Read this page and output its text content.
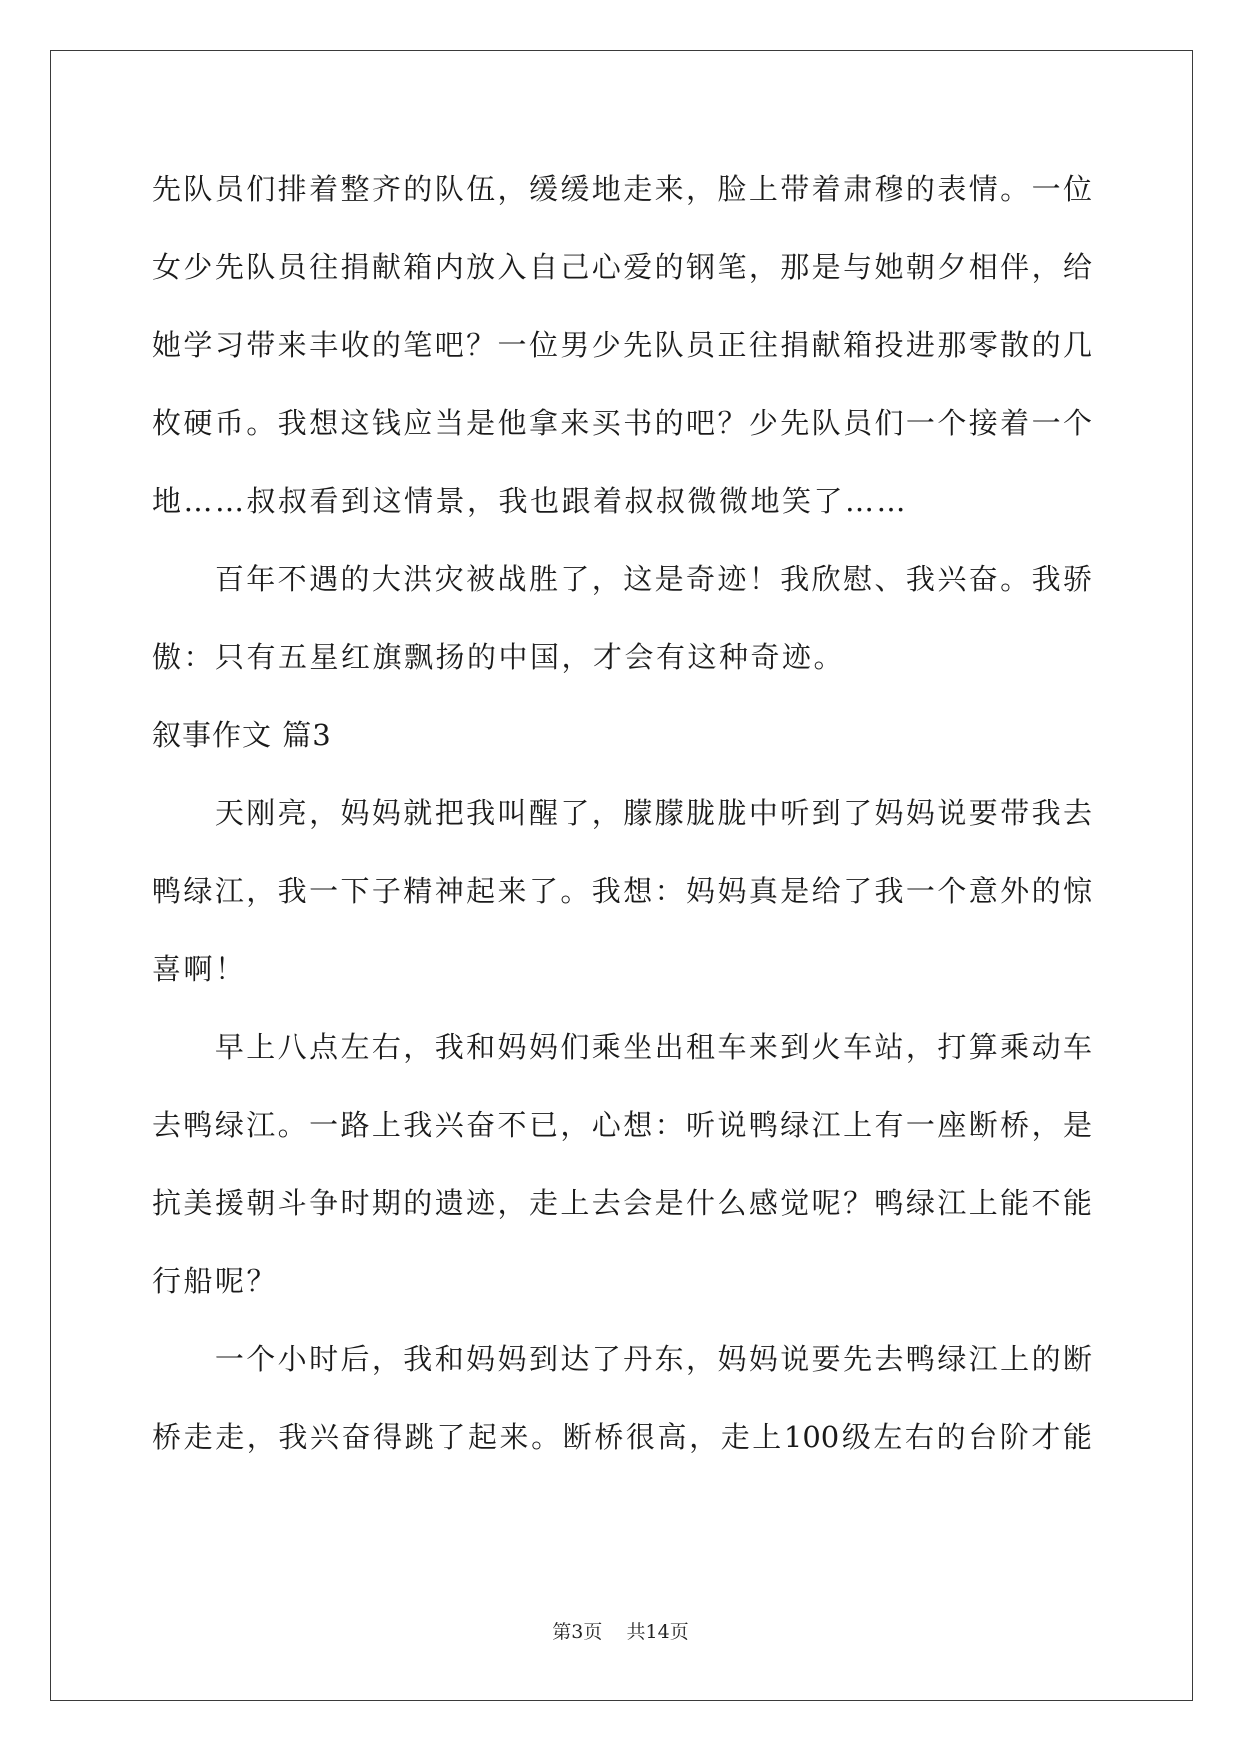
先队员们排着整齐的队伍，缓缓地走来，脸上带着肃穆的表情。一位
女少先队员往捐献箱内放入自己心爱的钢笔，那是与她朝夕相伴，给
她学习带来丰收的笔吧？一位男少先队员正往捐献箱投进那零散的几
枚硬币。我想这钱应当是他拿来买书的吧？少先队员们一个接着一个
地……叔叔看到这情景，我也跟着叔叔微微地笑了……
　　百年不遇的大洪灾被战胜了，这是奇迹！我欣慰、我兴奋。我骄
傲：只有五星红旗飘扬的中国，才会有这种奇迹。
叙事作文 篇3
　　天刚亮，妈妈就把我叫醒了，朦朦胧胧中听到了妈妈说要带我去
鸭绿江，我一下子精神起来了。我想：妈妈真是给了我一个意外的惊
喜啊！
　　早上八点左右，我和妈妈们乘坐出租车来到火车站，打算乘动车
去鸭绿江。一路上我兴奋不已，心想：听说鸭绿江上有一座断桥，是
抗美援朝斗争时期的遗迹，走上去会是什么感觉呢？鸭绿江上能不能
行船呢？
　　一个小时后，我和妈妈到达了丹东，妈妈说要先去鸭绿江上的断
桥走走，我兴奋得跳了起来。断桥很高，走上100级左右的台阶才能
第3页 共14页
